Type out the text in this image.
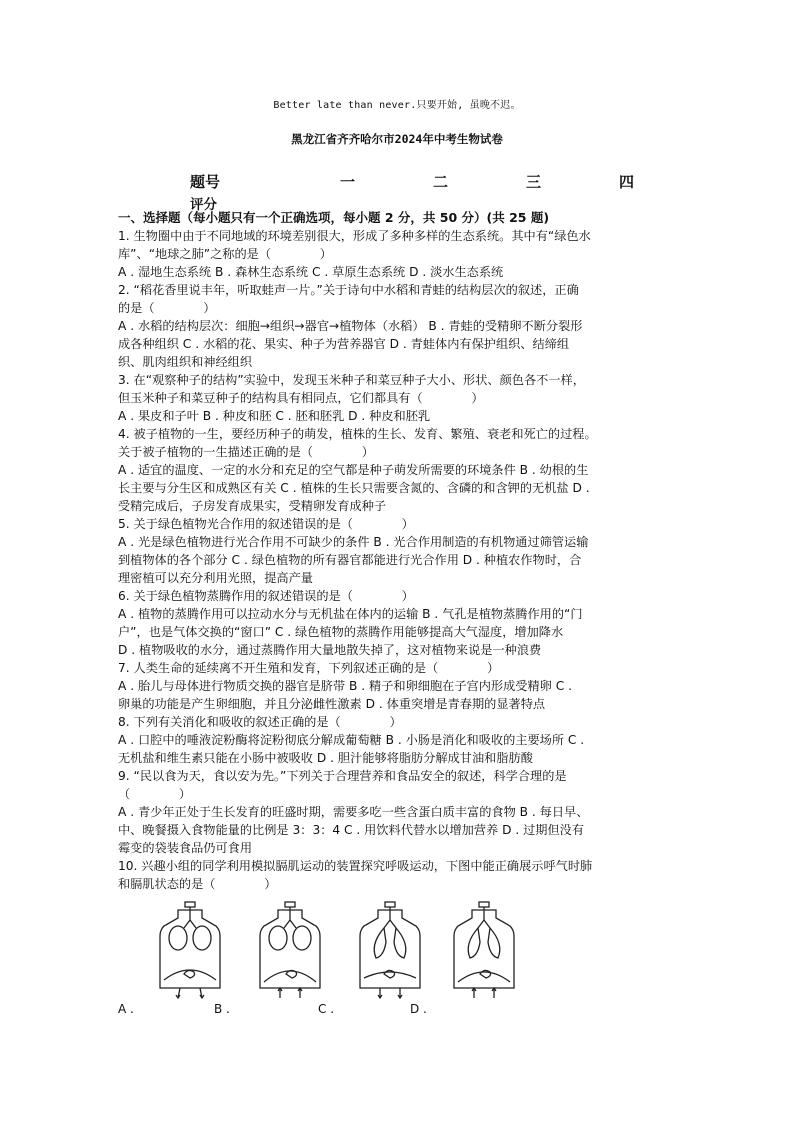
Better late than never.只要开始, 虽晚不迟。
黑龙江省齐齐哈尔市2024年中考生物试卷
题号	一	二	三	四
评分
一、选择题（每小题只有一个正确选项，每小题 2 分，共 50 分）(共 25 题)
1. 生物圈中由于不同地域的环境差别很大，形成了多种多样的生态系统。其中有“绿色水
库”、“地球之肺”之称的是（　　　　）
A . 湿地生态系统 B . 森林生态系统 C . 草原生态系统 D . 淡水生态系统
2. “稻花香里说丰年，听取蛙声一片。”关于诗句中水稻和青蛙的结构层次的叙述，正确
的是（　　　　）
A . 水稻的结构层次：细胞→组织→器官→植物体（水稻） B . 青蛙的受精卵不断分裂形
成各种组织 C . 水稻的花、果实、种子为营养器官 D . 青蛙体内有保护组织、结缔组
织、肌肉组织和神经组织
3. 在“观察种子的结构”实验中，发现玉米种子和菜豆种子大小、形状、颜色各不一样，
但玉米种子和菜豆种子的结构具有相同点，它们都具有（　　　　）
A . 果皮和子叶 B . 种皮和胚 C . 胚和胚乳 D . 种皮和胚乳
4. 被子植物的一生，要经历种子的萌发，植株的生长、发育、繁殖、衰老和死亡的过程。
关于被子植物的一生描述正确的是（　　　　）
A . 适宜的温度、一定的水分和充足的空气都是种子萌发所需要的环境条件 B . 幼根的生
长主要与分生区和成熟区有关 C . 植株的生长只需要含氮的、含磷的和含钾的无机盐 D .
受精完成后，子房发育成果实，受精卵发育成种子
5. 关于绿色植物光合作用的叙述错误的是（　　　　）
A . 光是绿色植物进行光合作用不可缺少的条件 B . 光合作用制造的有机物通过筛管运输
到植物体的各个部分 C . 绿色植物的所有器官都能进行光合作用 D . 种植农作物时，合
理密植可以充分利用光照，提高产量
6. 关于绿色植物蒸腾作用的叙述错误的是（　　　　）
A . 植物的蒸腾作用可以拉动水分与无机盐在体内的运输 B . 气孔是植物蒸腾作用的“门
户”，也是气体交换的“窗口” C . 绿色植物的蒸腾作用能够提高大气湿度，增加降水
D . 植物吸收的水分，通过蒸腾作用大量地散失掉了，这对植物来说是一种浪费
7. 人类生命的延续离不开生殖和发育，下列叙述正确的是（　　　　）
A . 胎儿与母体进行物质交换的器官是脐带 B . 精子和卵细胞在子宫内形成受精卵 C .
卵巢的功能是产生卵细胞，并且分泌雌性激素 D . 体重突增是青春期的显著特点
8. 下列有关消化和吸收的叙述正确的是（　　　　）
A . 口腔中的唾液淀粉酶将淀粉彻底分解成葡萄糖 B . 小肠是消化和吸收的主要场所 C .
无机盐和维生素只能在小肠中被吸收 D . 胆汁能够将脂肪分解成甘油和脂肪酸
9. “民以食为天，食以安为先。”下列关于合理营养和食品安全的叙述，科学合理的是
（　　　　）
A . 青少年正处于生长发育的旺盛时期，需要多吃一些含蛋白质丰富的食物 B . 每日早、
中、晚餐摄入食物能量的比例是 3：3：4 C . 用饮料代替水以增加营养 D . 过期但没有
霉变的袋装食品仍可食用
10. 兴趣小组的同学利用模拟膈肌运动的装置探究呼吸运动，下图中能正确展示呼气时肺
和膈肌状态的是（　　　　）
A .	B .	C .	D .
